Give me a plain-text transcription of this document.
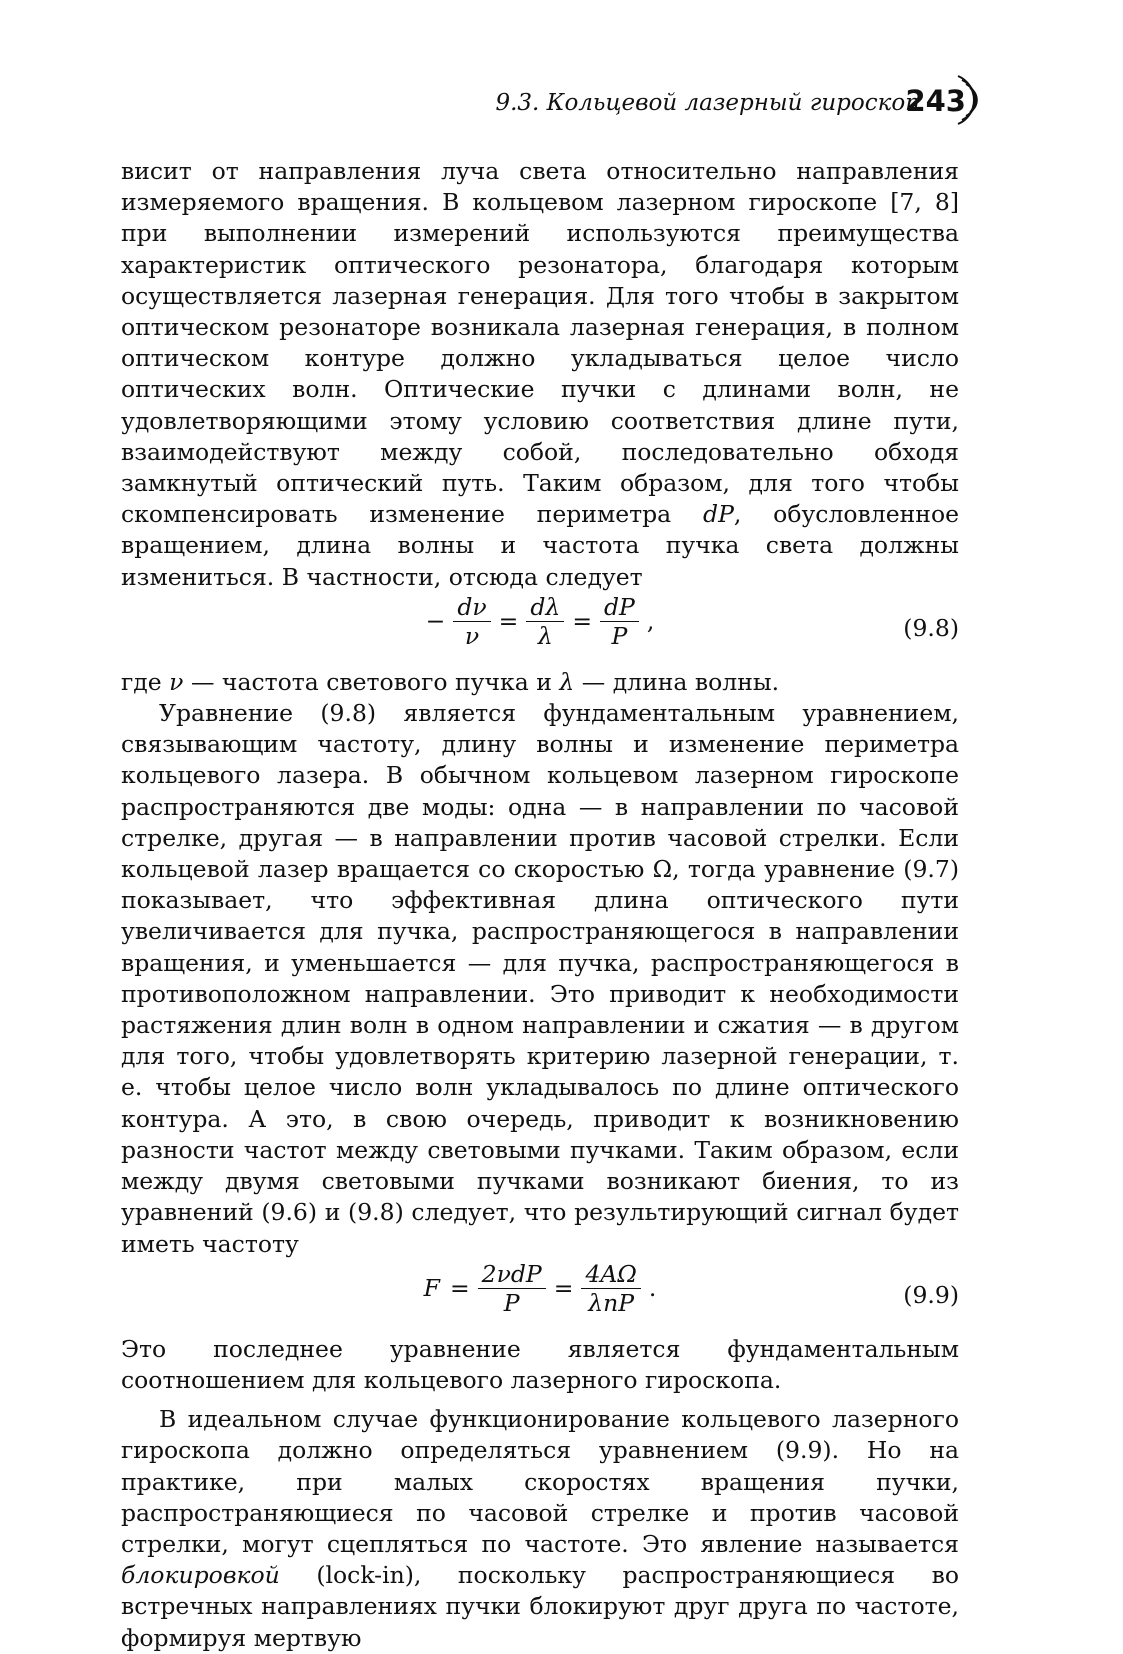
9.3. Кольцевой лазерный гироскоп
243

висит от направления луча света относительно направления измеряемого вращения. В кольцевом лазерном гироскопе [7, 8] при выполнении измерений используются преимущества характеристик оптического резонатора, благодаря которым осуществляется лазерная генерация. Для того чтобы в закрытом оптическом резонаторе возникала лазерная генерация, в полном оптическом контуре должно укладываться целое число оптических волн. Оптические пучки с длинами волн, не удовлетворяющими этому условию соответствия длине пути, взаимодействуют между собой, последовательно обходя замкнутый оптический путь. Таким образом, для того чтобы скомпенсировать изменение периметра dP, обусловленное вращением, длина волны и частота пучка света должны измениться. В частности, отсюда следует

− $\frac{d\nu}{\nu} = \frac{d\lambda}{\lambda} = \frac{dP}{P}$ ,	(9.8)

где ν — частота светового пучка и λ — длина волны.

Уравнение (9.8) является фундаментальным уравнением, связывающим частоту, длину волны и изменение периметра кольцевого лазера. В обычном кольцевом лазерном гироскопе распространяются две моды: одна — в направлении по часовой стрелке, другая — в направлении против часовой стрелки. Если кольцевой лазер вращается со скоростью Ω, тогда уравнение (9.7) показывает, что эффективная длина оптического пути увеличивается для пучка, распространяющегося в направлении вращения, и уменьшается — для пучка, распространяющегося в противоположном направлении. Это приводит к необходимости растяжения длин волн в одном направлении и сжатия — в другом для того, чтобы удовлетворять критерию лазерной генерации, т. е. чтобы целое число волн укладывалось по длине оптического контура. А это, в свою очередь, приводит к возникновению разности частот между световыми пучками. Таким образом, если между двумя световыми пучками возникают биения, то из уравнений (9.6) и (9.8) следует, что результирующий сигнал будет иметь частоту

$F = \frac{\text{2νdP}}{P} = \frac{4A\Omega}{\text{λnP}}$ .	(9.9)

Это последнее уравнение является фундаментальным соотношением для кольцевого лазерного гироскопа.

В идеальном случае функционирование кольцевого лазерного гироскопа должно определяться уравнением (9.9). Но на практике, при малых скоростях вращения пучки, распространяющиеся по часовой стрелке и против часовой стрелки, могут сцепляться по частоте. Это явление называется блокировкой (lock-in), поскольку распространяющиеся во встречных направлениях пучки блокируют друг друга по частоте, формируя мертвую
